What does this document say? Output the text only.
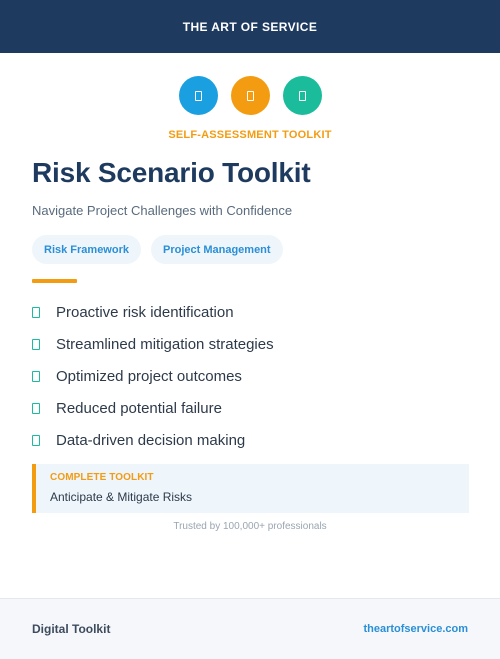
THE ART OF SERVICE
SELF-ASSESSMENT TOOLKIT
Risk Scenario Toolkit
Navigate Project Challenges with Confidence
Risk Framework	Project Management
Proactive risk identification
Streamlined mitigation strategies
Optimized project outcomes
Reduced potential failure
Data-driven decision making
COMPLETE TOOLKIT
Anticipate & Mitigate Risks
Trusted by 100,000+ professionals
Digital Toolkit	theartofservice.com
